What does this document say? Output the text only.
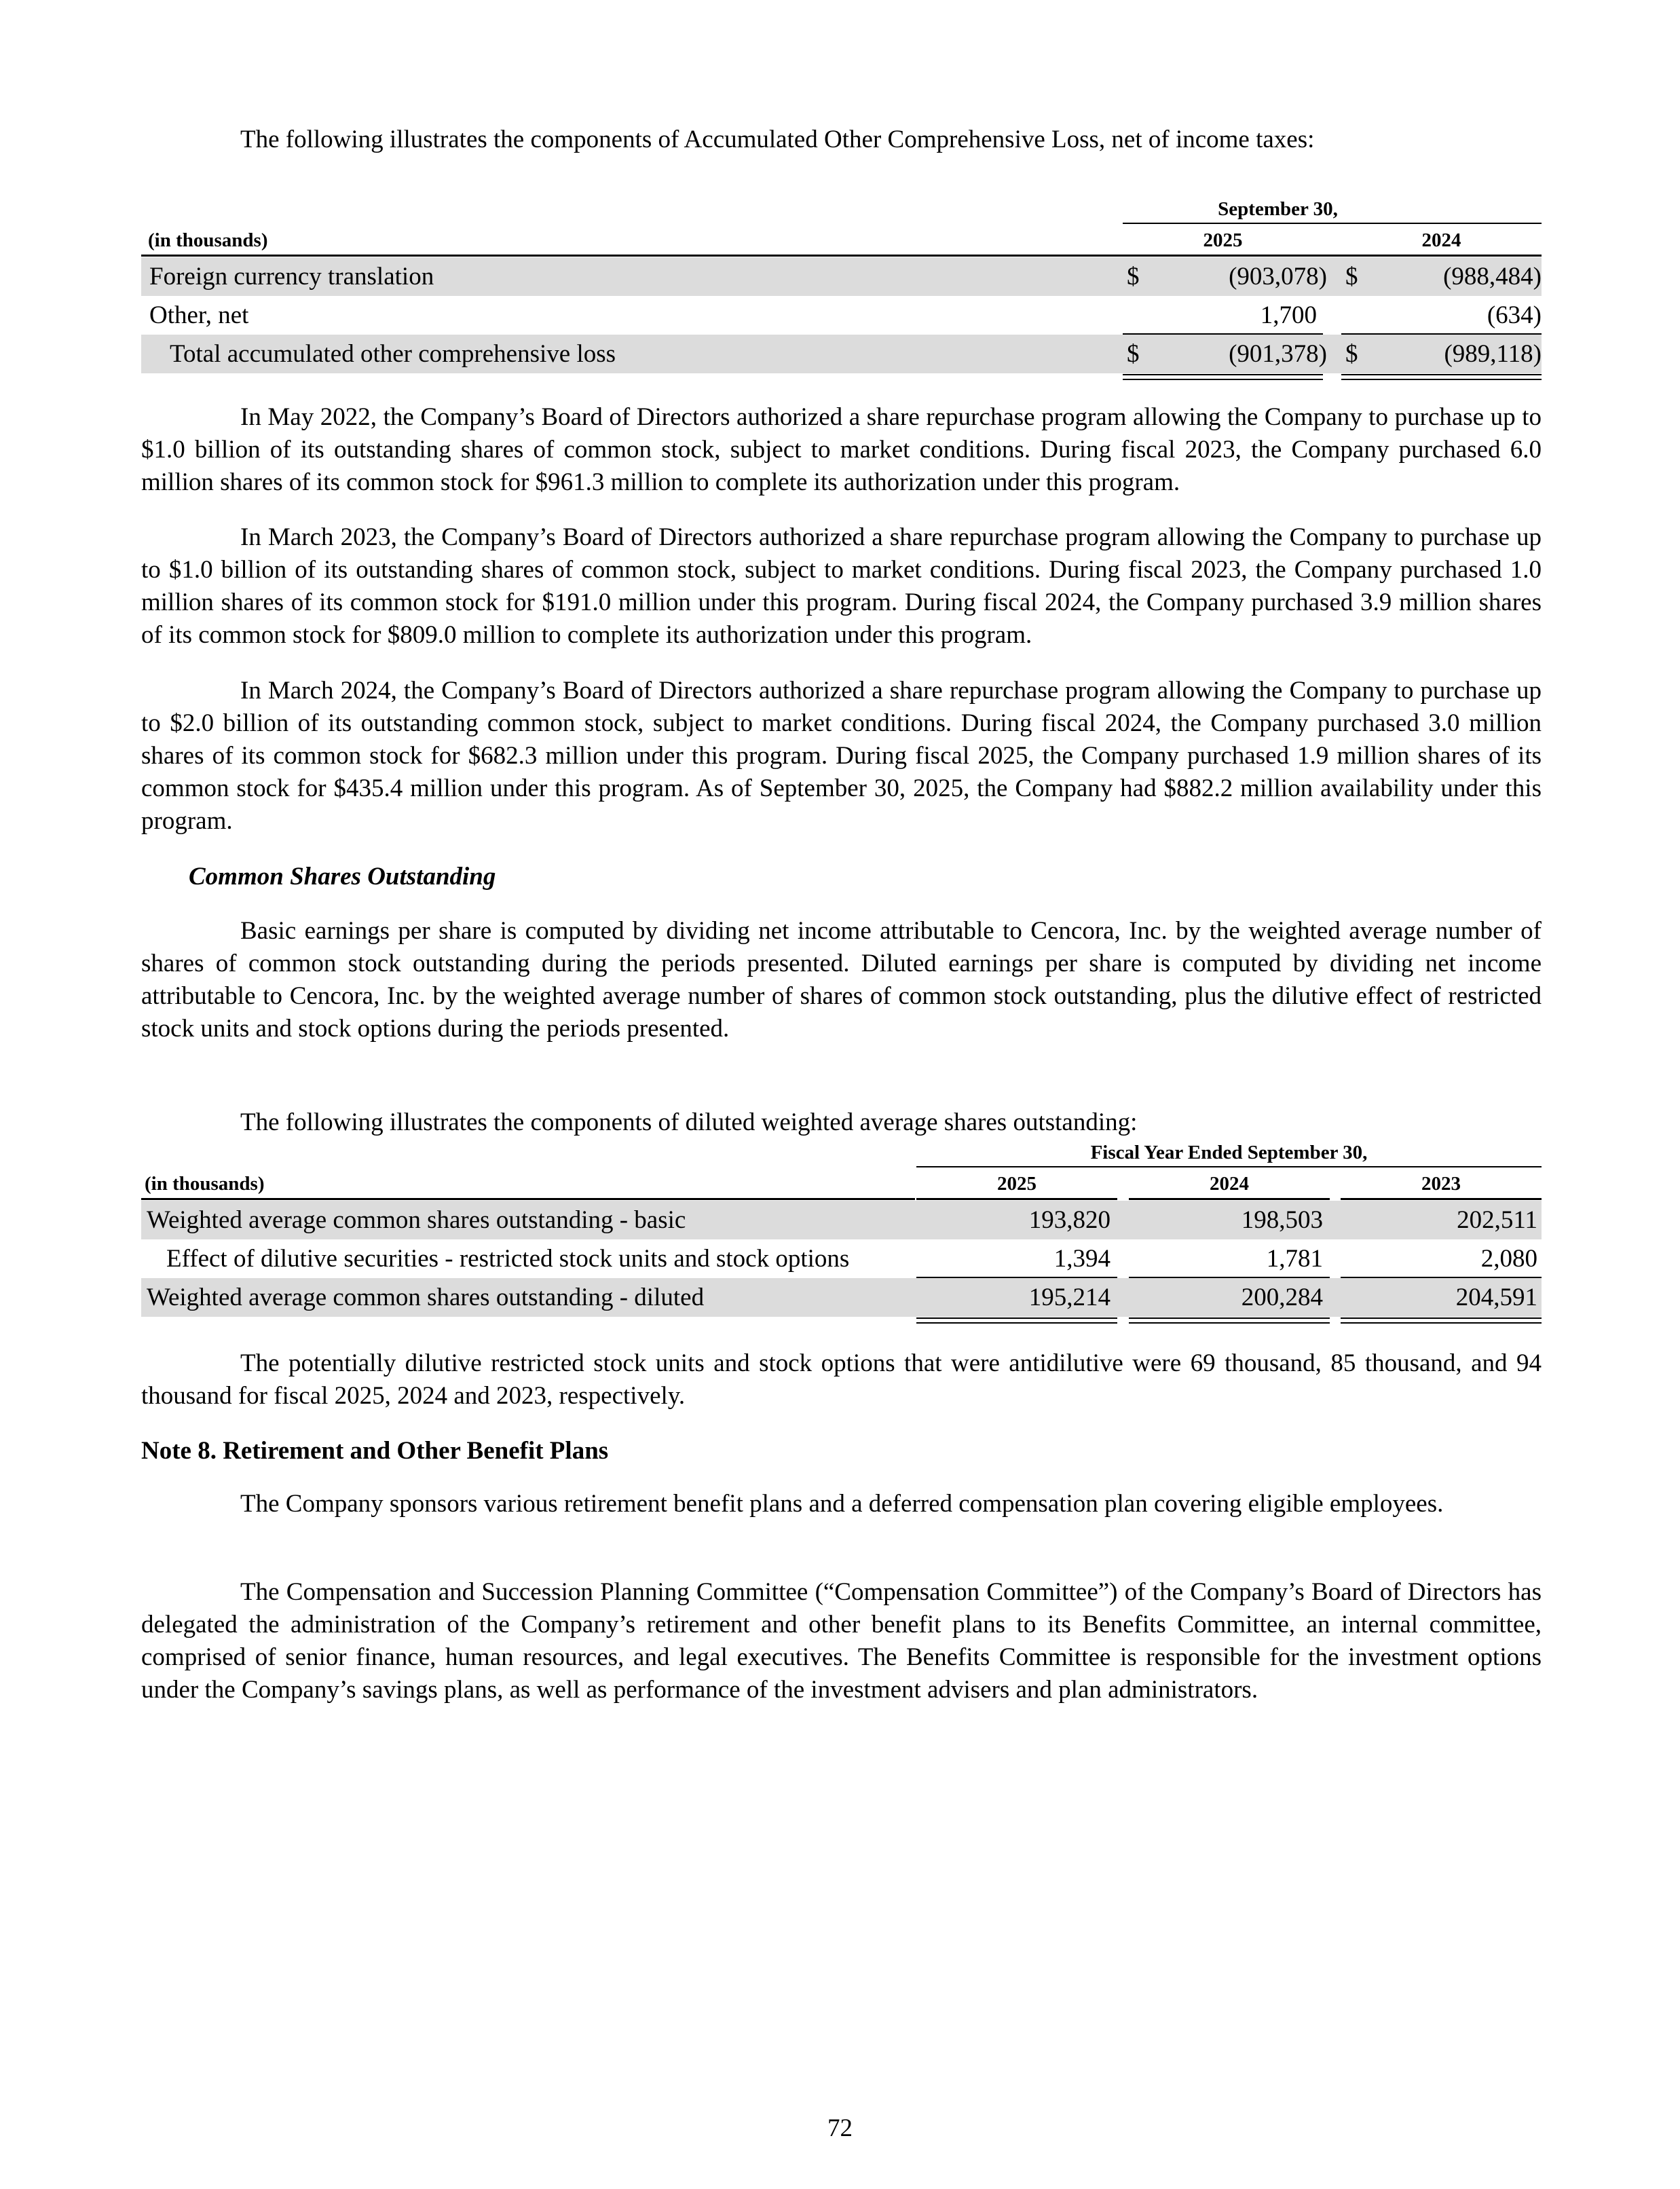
The following illustrates the components of Accumulated Other Comprehensive Loss, net of income taxes:

September 30,
(in thousands)	2025	2024
Foreign currency translation	$	(903,078) $	(988,484)
Other, net	1,700	(634)
Total accumulated other comprehensive loss	$	(901,378) $	(989,118)

In May 2022, the Company’s Board of Directors authorized a share repurchase program allowing the Company to purchase up to $1.0 billion of its outstanding shares of common stock, subject to market conditions. During fiscal 2023, the Company purchased 6.0 million shares of its common stock for $961.3 million to complete its authorization under this program.

In March 2023, the Company’s Board of Directors authorized a share repurchase program allowing the Company to purchase up to $1.0 billion of its outstanding shares of common stock, subject to market conditions. During fiscal 2023, the Company purchased 1.0 million shares of its common stock for $191.0 million under this program. During fiscal 2024, the Company purchased 3.9 million shares of its common stock for $809.0 million to complete its authorization under this program.

In March 2024, the Company’s Board of Directors authorized a share repurchase program allowing the Company to purchase up to $2.0 billion of its outstanding common stock, subject to market conditions. During fiscal 2024, the Company purchased 3.0 million shares of its common stock for $682.3 million under this program. During fiscal 2025, the Company purchased 1.9 million shares of its common stock for $435.4 million under this program. As of September 30, 2025, the Company had $882.2 million availability under this program.

Common Shares Outstanding

Basic earnings per share is computed by dividing net income attributable to Cencora, Inc. by the weighted average number of shares of common stock outstanding during the periods presented. Diluted earnings per share is computed by dividing net income attributable to Cencora, Inc. by the weighted average number of shares of common stock outstanding, plus the dilutive effect of restricted stock units and stock options during the periods presented.

The following illustrates the components of diluted weighted average shares outstanding:

Fiscal Year Ended September 30,
(in thousands)	2025	2024	2023
Weighted average common shares outstanding - basic	193,820	198,503	202,511
Effect of dilutive securities - restricted stock units and stock options	1,394	1,781	2,080
Weighted average common shares outstanding - diluted	195,214	200,284	204,591

The potentially dilutive restricted stock units and stock options that were antidilutive were 69 thousand, 85 thousand, and 94 thousand for fiscal 2025, 2024 and 2023, respectively.

Note 8. Retirement and Other Benefit Plans

The Company sponsors various retirement benefit plans and a deferred compensation plan covering eligible employees.

The Compensation and Succession Planning Committee (“Compensation Committee”) of the Company’s Board of Directors has delegated the administration of the Company’s retirement and other benefit plans to its Benefits Committee, an internal committee, comprised of senior finance, human resources, and legal executives. The Benefits Committee is responsible for the investment options under the Company’s savings plans, as well as performance of the investment advisers and plan administrators.

72
